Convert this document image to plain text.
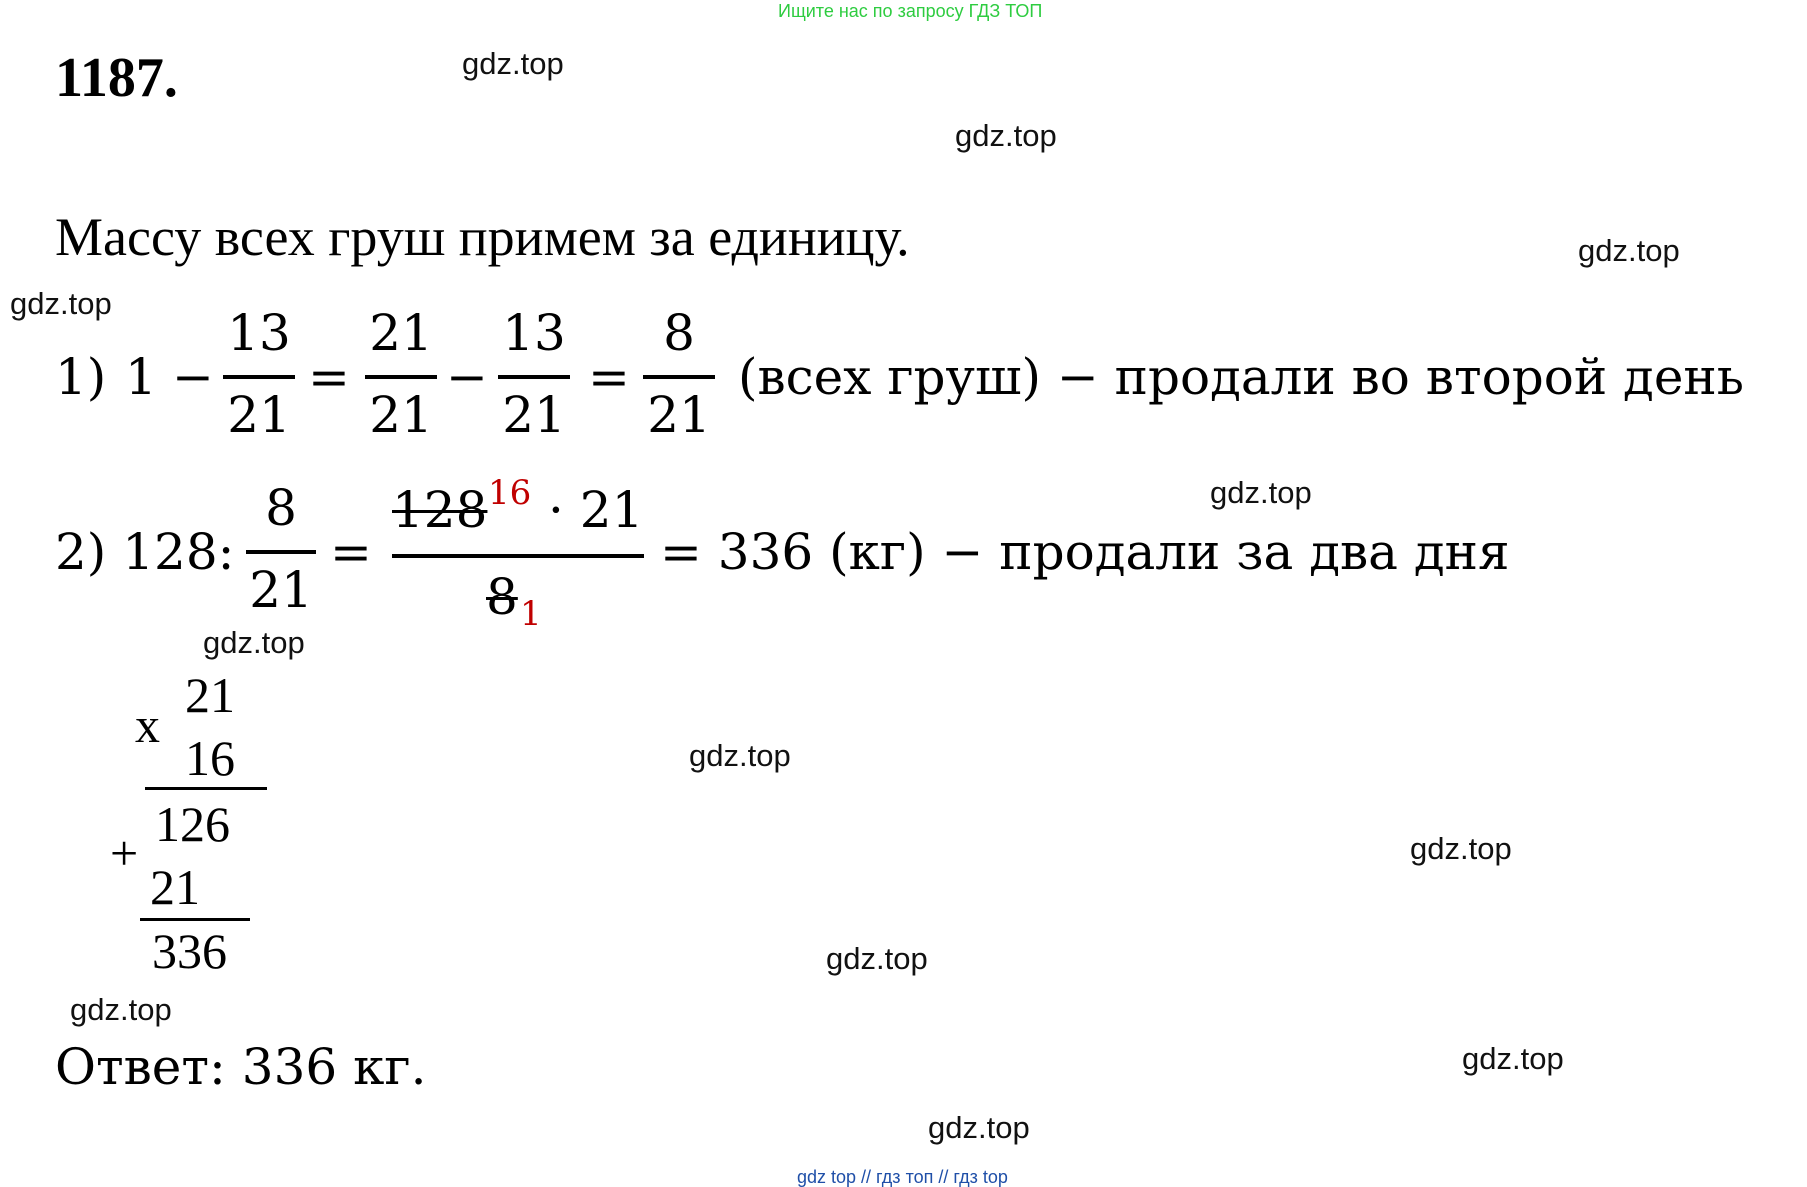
Ищите нас по запросу ГДЗ ТОП
1187.
Массу всех груш примем за единицу.
1) 1 −
13
21
=
21
21
−
13
21
=
8
21
(всех груш) − продали во второй день
2) 128:
8
21
=
128 16 · 21
8 1
= 336 (кг) − продали за два дня
x
21
16
126
+
21
336
Ответ: 336 кг.
gdz.top
gdz.top
gdz.top
gdz.top
gdz.top
gdz.top
gdz.top
gdz.top
gdz.top
gdz.top
gdz.top
gdz.top
gdz top // гдз топ // гдз top
